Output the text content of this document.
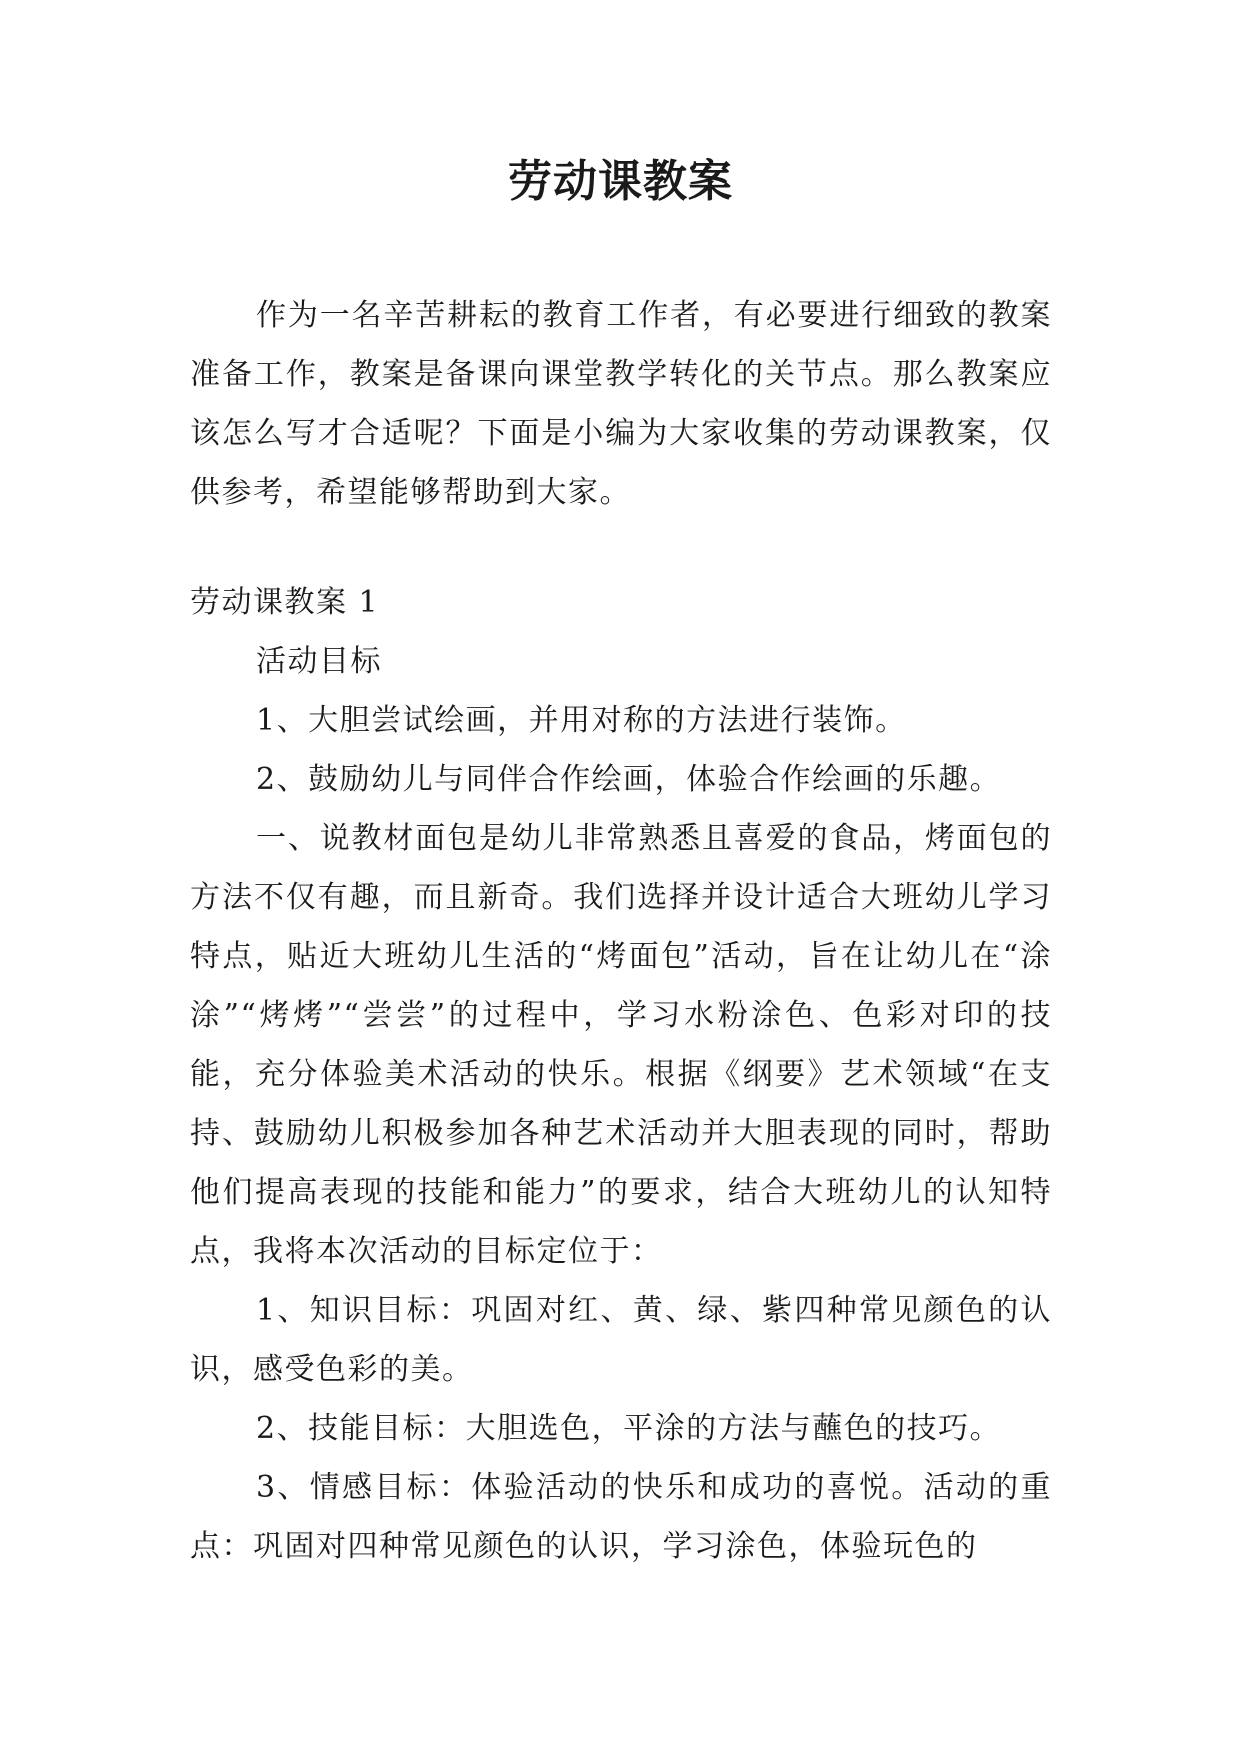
劳动课教案

作为一名辛苦耕耘的教育工作者，有必要进行细致的教案准备工作，教案是备课向课堂教学转化的关节点。那么教案应该怎么写才合适呢？下面是小编为大家收集的劳动课教案，仅供参考，希望能够帮助到大家。

劳动课教案 1

活动目标

1、大胆尝试绘画，并用对称的方法进行装饰。

2、鼓励幼儿与同伴合作绘画，体验合作绘画的乐趣。

一、说教材面包是幼儿非常熟悉且喜爱的食品，烤面包的方法不仅有趣，而且新奇。我们选择并设计适合大班幼儿学习特点，贴近大班幼儿生活的“烤面包”活动，旨在让幼儿在“涂涂”“烤烤”“尝尝”的过程中，学习水粉涂色、色彩对印的技能，充分体验美术活动的快乐。根据《纲要》艺术领域“在支持、鼓励幼儿积极参加各种艺术活动并大胆表现的同时，帮助他们提高表现的技能和能力”的要求，结合大班幼儿的认知特点，我将本次活动的目标定位于：

1、知识目标：巩固对红、黄、绿、紫四种常见颜色的认识，感受色彩的美。

2、技能目标：大胆选色，平涂的方法与蘸色的技巧。

3、情感目标：体验活动的快乐和成功的喜悦。活动的重点：巩固对四种常见颜色的认识，学习涂色，体验玩色的
